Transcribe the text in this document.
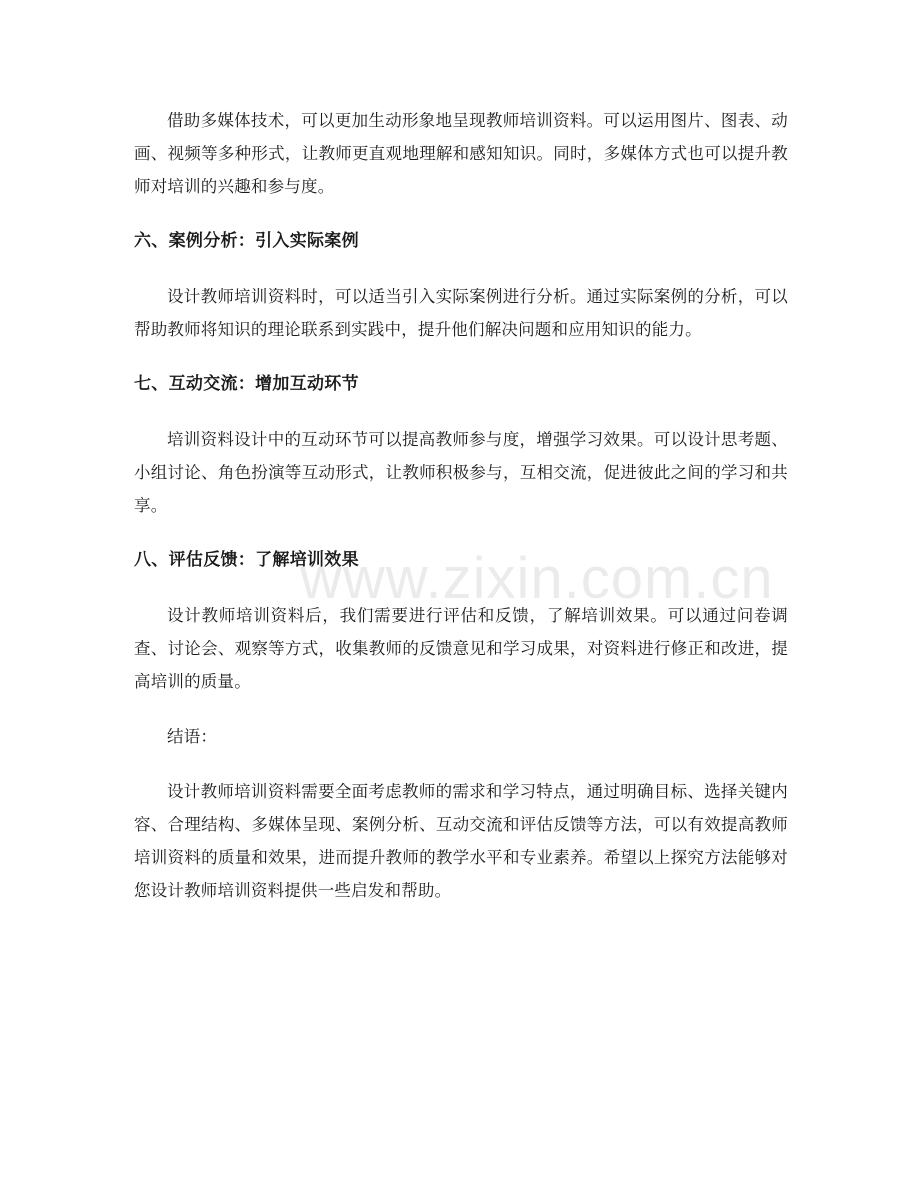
借助多媒体技术，可以更加生动形象地呈现教师培训资料。可以运用图片、图表、动画、视频等多种形式，让教师更直观地理解和感知知识。同时，多媒体方式也可以提升教师对培训的兴趣和参与度。

六、案例分析：引入实际案例

设计教师培训资料时，可以适当引入实际案例进行分析。通过实际案例的分析，可以帮助教师将知识的理论联系到实践中，提升他们解决问题和应用知识的能力。

七、互动交流：增加互动环节

培训资料设计中的互动环节可以提高教师参与度，增强学习效果。可以设计思考题、小组讨论、角色扮演等互动形式，让教师积极参与，互相交流，促进彼此之间的学习和共享。

八、评估反馈：了解培训效果

设计教师培训资料后，我们需要进行评估和反馈，了解培训效果。可以通过问卷调查、讨论会、观察等方式，收集教师的反馈意见和学习成果，对资料进行修正和改进，提高培训的质量。

结语：

设计教师培训资料需要全面考虑教师的需求和学习特点，通过明确目标、选择关键内容、合理结构、多媒体呈现、案例分析、互动交流和评估反馈等方法，可以有效提高教师培训资料的质量和效果，进而提升教师的教学水平和专业素养。希望以上探究方法能够对您设计教师培训资料提供一些启发和帮助。

www.zixin.com.cn
